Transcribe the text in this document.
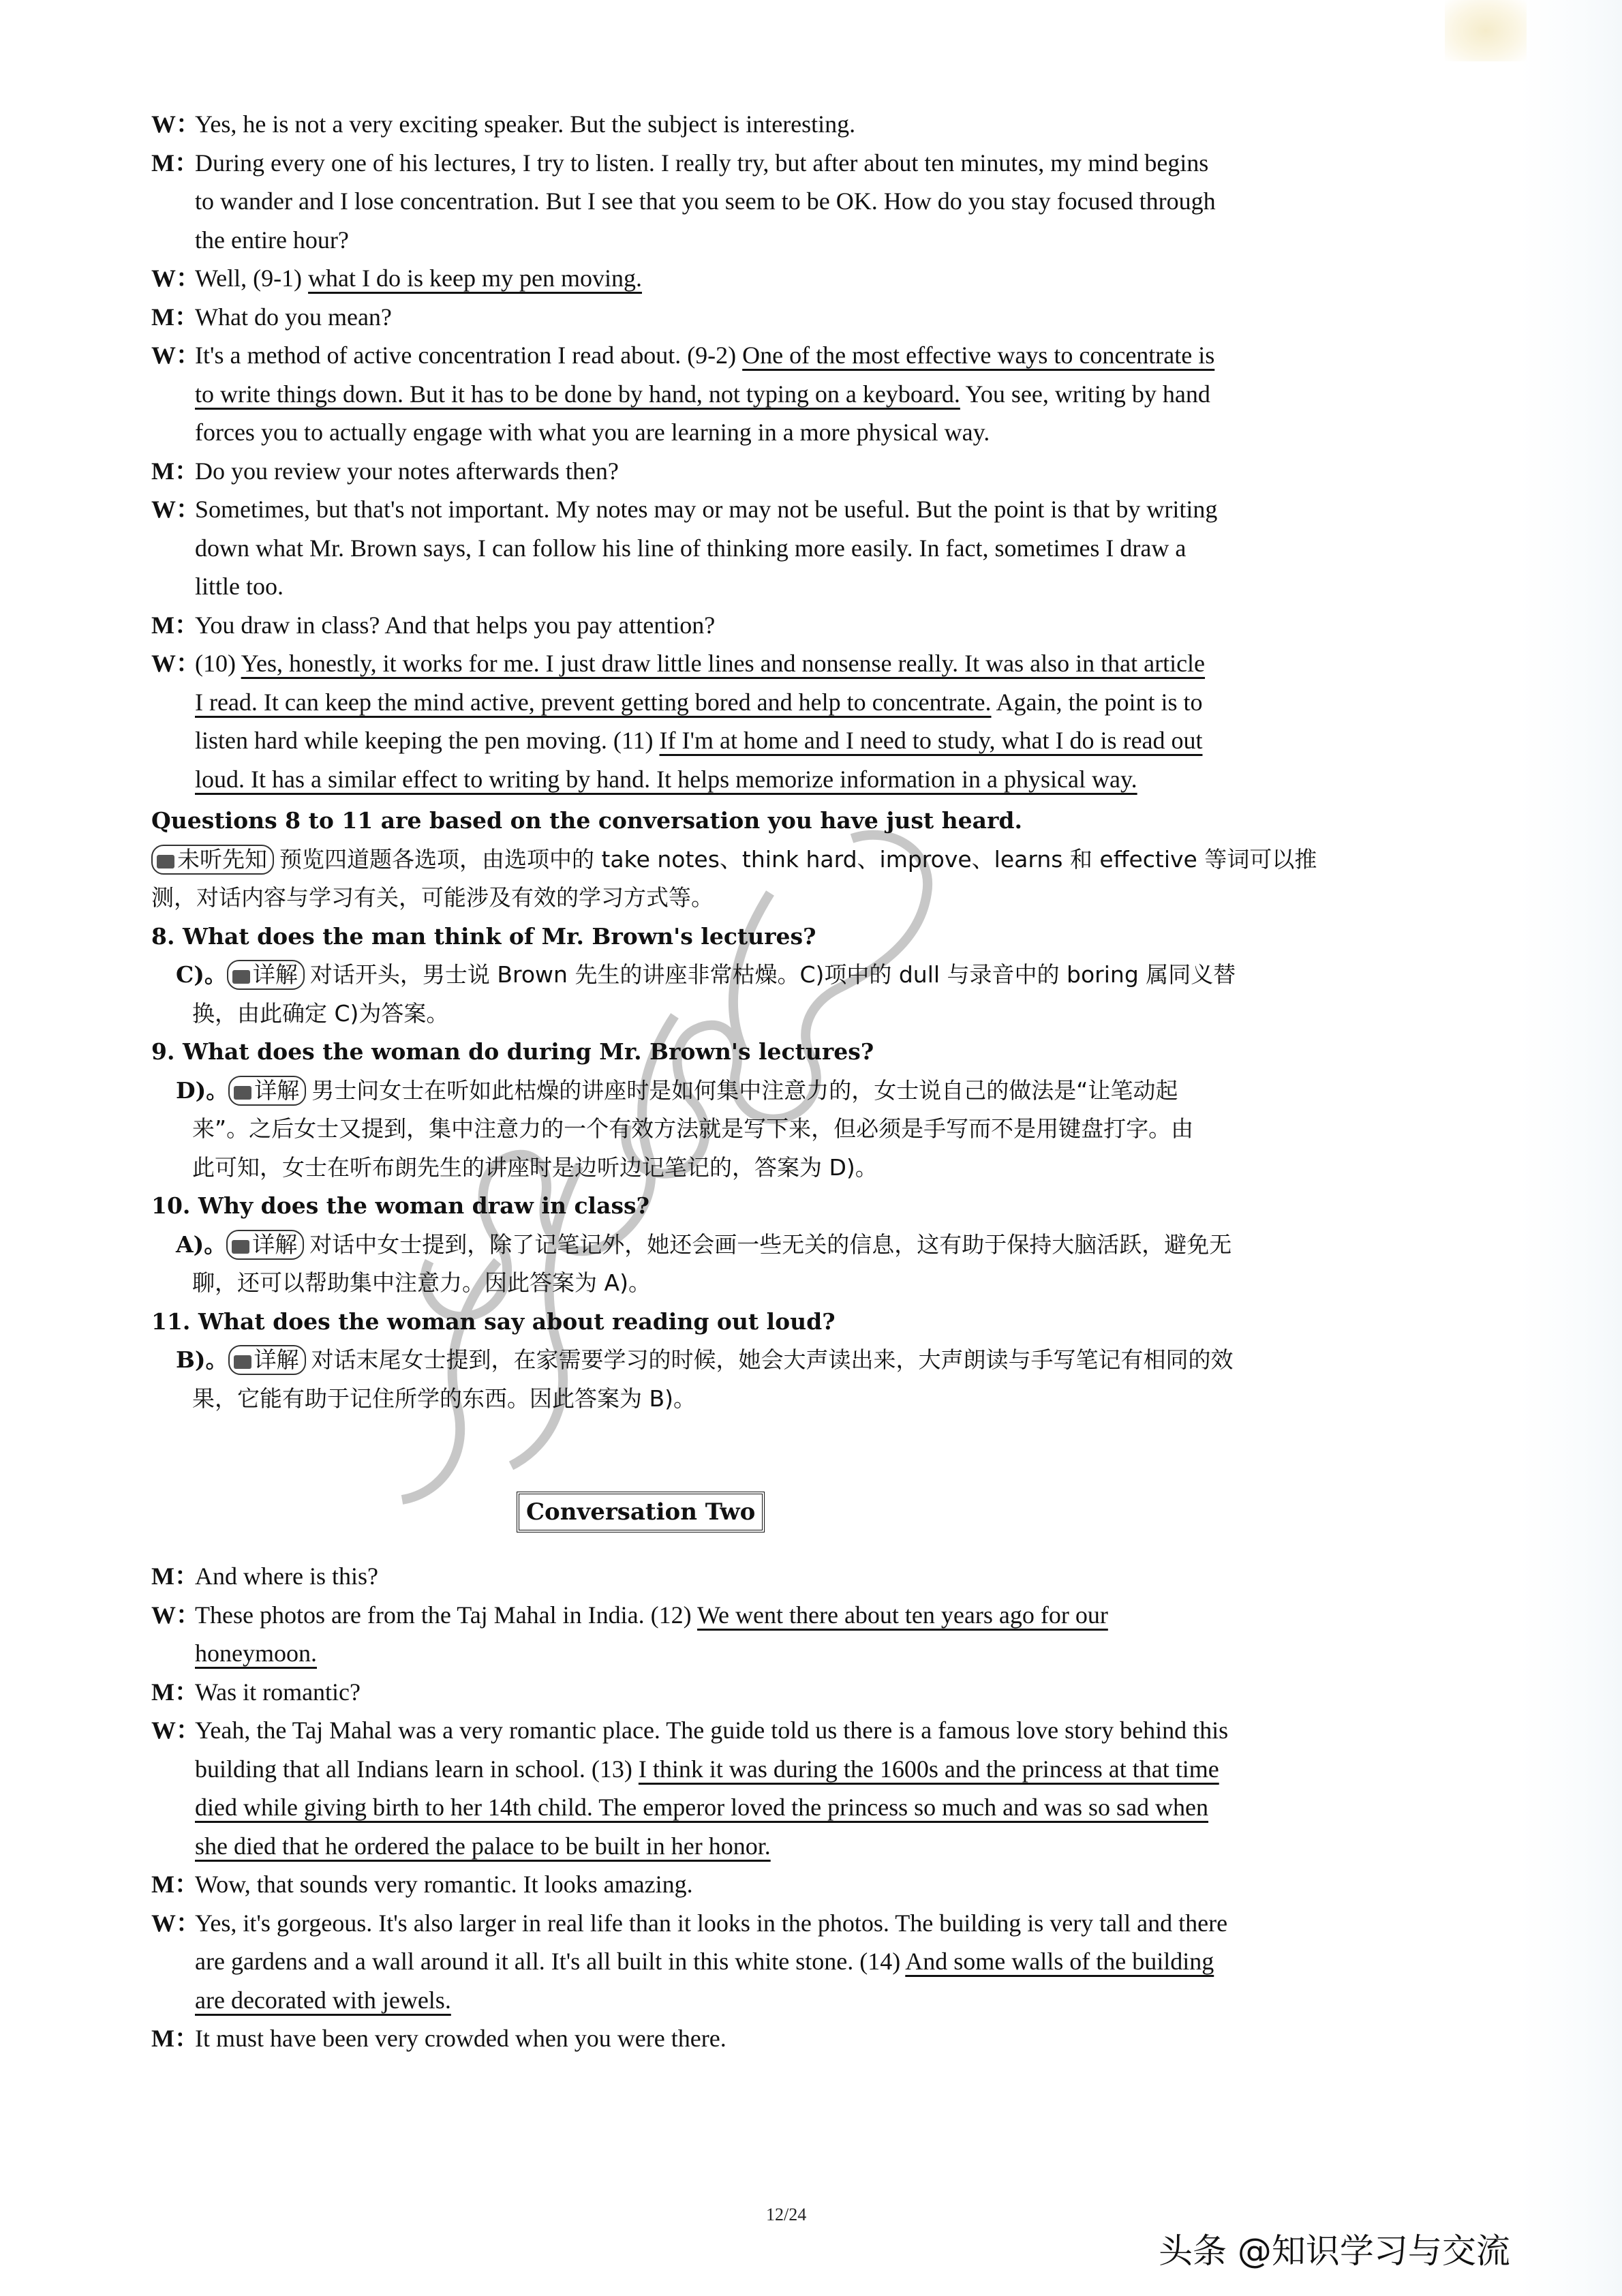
W：Yes, he is not a very exciting speaker. But the subject is interesting.
M：During every one of his lectures, I try to listen. I really try, but after about ten minutes, my mind begins
to wander and I lose concentration. But I see that you seem to be OK. How do you stay focused through
the entire hour?
W：Well, (9-1) what I do is keep my pen moving.
M：What do you mean?
W：It's a method of active concentration I read about. (9-2) One of the most effective ways to concentrate is
to write things down. But it has to be done by hand, not typing on a keyboard. You see, writing by hand
forces you to actually engage with what you are learning in a more physical way.
M：Do you review your notes afterwards then?
W：Sometimes, but that's not important. My notes may or may not be useful. But the point is that by writing
down what Mr. Brown says, I can follow his line of thinking more easily. In fact, sometimes I draw a
little too.
M：You draw in class? And that helps you pay attention?
W：(10) Yes, honestly, it works for me. I just draw little lines and nonsense really. It was also in that article
I read. It can keep the mind active, prevent getting bored and help to concentrate. Again, the point is to
listen hard while keeping the pen moving. (11) If I'm at home and I need to study, what I do is read out
loud. It has a similar effect to writing by hand. It helps memorize information in a physical way.
Questions 8 to 11 are based on the conversation you have just heard.
未听先知 预览四道题各选项，由选项中的 take notes、think hard、improve、learns 和 effective 等词可以推
测，对话内容与学习有关，可能涉及有效的学习方式等。
8. What does the man think of Mr. Brown's lectures?
C)。 详解 对话开头，男士说 Brown 先生的讲座非常枯燥。C)项中的 dull 与录音中的 boring 属同义替
换，由此确定 C)为答案。
9. What does the woman do during Mr. Brown's lectures?
D)。 详解 男士问女士在听如此枯燥的讲座时是如何集中注意力的，女士说自己的做法是“让笔动起
来”。之后女士又提到，集中注意力的一个有效方法就是写下来，但必须是手写而不是用键盘打字。由
此可知，女士在听布朗先生的讲座时是边听边记笔记的，答案为 D)。
10. Why does the woman draw in class?
A)。 详解 对话中女士提到，除了记笔记外，她还会画一些无关的信息，这有助于保持大脑活跃，避免无
聊，还可以帮助集中注意力。因此答案为 A)。
11. What does the woman say about reading out loud?
B)。 详解 对话末尾女士提到，在家需要学习的时候，她会大声读出来，大声朗读与手写笔记有相同的效
果，它能有助于记住所学的东西。因此答案为 B)。
M：And where is this?
W：These photos are from the Taj Mahal in India. (12) We went there about ten years ago for our
honeymoon.
M：Was it romantic?
W：Yeah, the Taj Mahal was a very romantic place. The guide told us there is a famous love story behind this
building that all Indians learn in school. (13) I think it was during the 1600s and the princess at that time
died while giving birth to her 14th child. The emperor loved the princess so much and was so sad when
she died that he ordered the palace to be built in her honor.
M：Wow, that sounds very romantic. It looks amazing.
W：Yes, it's gorgeous. It's also larger in real life than it looks in the photos. The building is very tall and there
are gardens and a wall around it all. It's all built in this white stone. (14) And some walls of the building
are decorated with jewels.
M：It must have been very crowded when you were there.
Conversation Two
12/24
头条 @知识学习与交流
